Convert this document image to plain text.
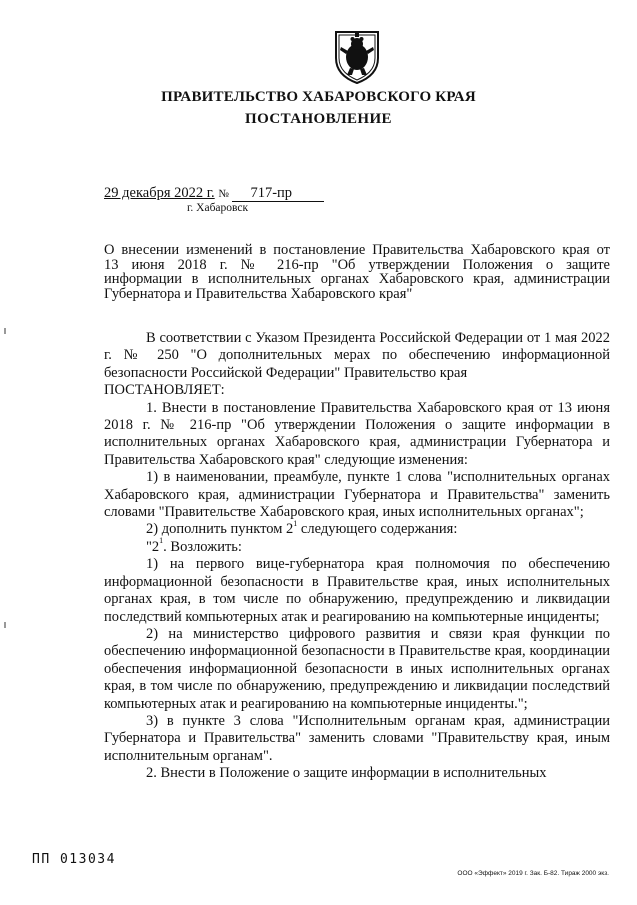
ПРАВИТЕЛЬСТВО ХАБАРОВСКОГО КРАЯ
ПОСТАНОВЛЕНИЕ
29 декабря 2022 г. № 717-пр
г. Хабаровск
О внесении изменений в постановление Правительства Хабаровского края от
13 июня 2018 г. № 216-пр "Об утверждении Положения о защите
информации в исполнительных органах Хабаровского края, администрации
Губернатора и Правительства Хабаровского края"

В соответствии с Указом Президента Российской Федерации от 1 мая 2022 г. № 250 "О дополнительных мерах по обеспечению информационной безопасности Российской Федерации" Правительство края

ПОСТАНОВЛЯЕТ:

1. Внести в постановление Правительства Хабаровского края от 13 июня 2018 г. № 216-пр "Об утверждении Положения о защите информации в исполнительных органах Хабаровского края, администрации Губернатора и Правительства Хабаровского края" следующие изменения:

1) в наименовании, преамбуле, пункте 1 слова "исполнительных органах Хабаровского края, администрации Губернатора и Правительства" заменить словами "Правительстве Хабаровского края, иных исполнительных органах";

2) дополнить пунктом $2^1$ следующего содержания:

"$2^1$. Возложить:

1) на первого вице-губернатора края полномочия по обеспечению информационной безопасности в Правительстве края, иных исполнительных органах края, в том числе по обнаружению, предупреждению и ликвидации последствий компьютерных атак и реагированию на компьютерные инциденты;

2) на министерство цифрового развития и связи края функции по обеспечению информационной безопасности в Правительстве края, координации обеспечения информационной безопасности в иных исполнительных органах края, в том числе по обнаружению, предупреждению и ликвидации последствий компьютерных атак и реагированию на компьютерные инциденты.";

3) в пункте 3 слова "Исполнительным органам края, администрации Губернатора и Правительства" заменить словами "Правительству края, иным исполнительным органам".

2. Внести в Положение о защите информации в исполнительных

ПП 013034
ООО «Эффект» 2019 г. Зак. Б-82. Тираж 2000 экз.
